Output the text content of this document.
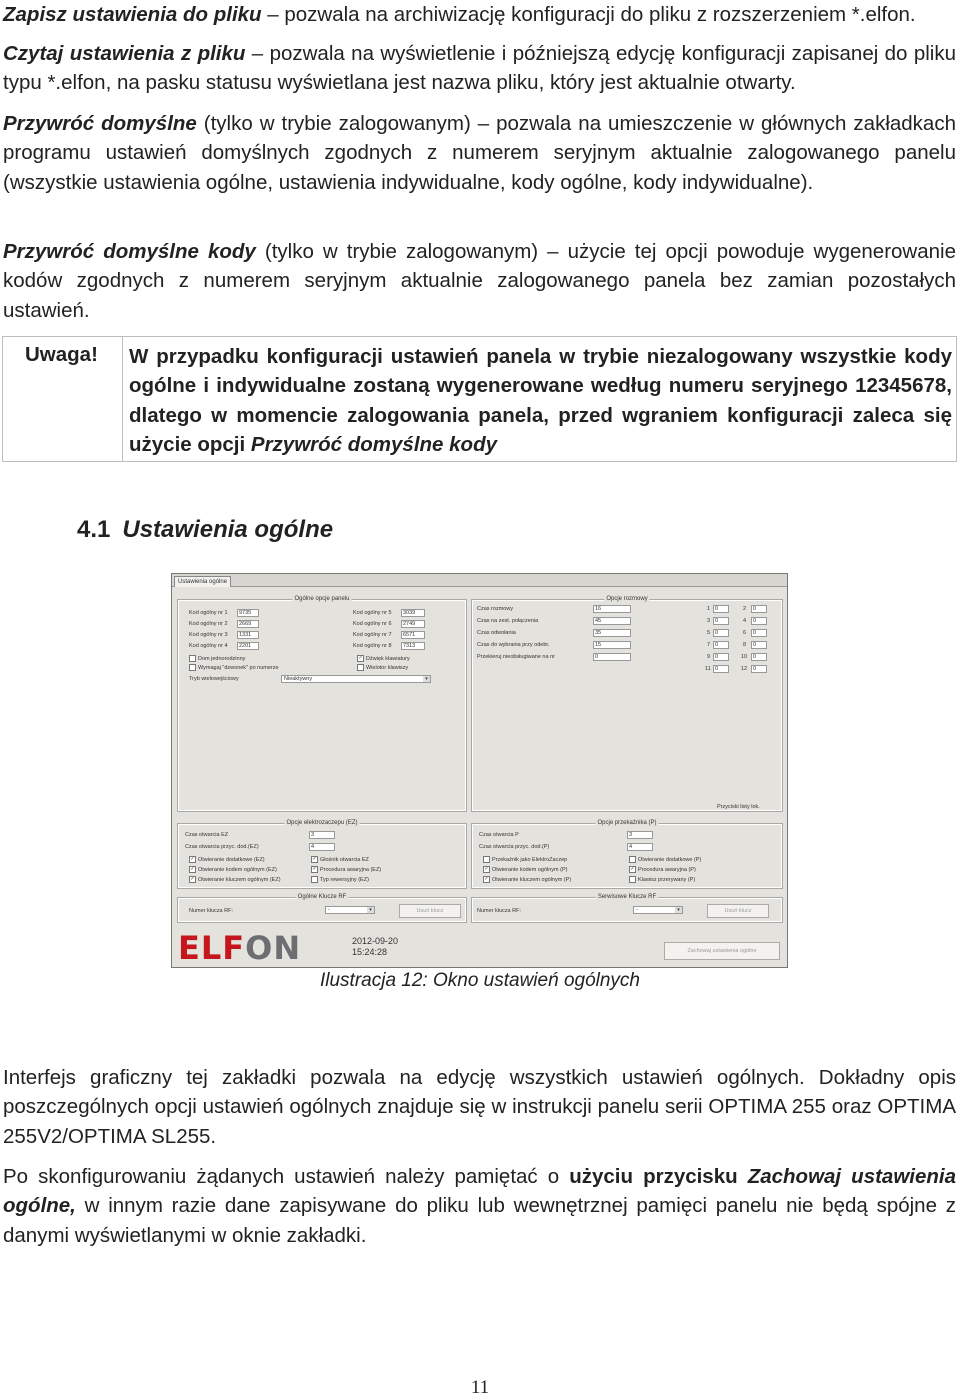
Zapisz ustawienia do pliku – pozwala na archiwizację konfiguracji do pliku z rozszerzeniem *.elfon.
Czytaj ustawienia z pliku – pozwala na wyświetlenie i późniejszą edycję konfiguracji zapisanej do pliku typu *.elfon, na pasku statusu wyświetlana jest nazwa pliku, który jest aktualnie otwarty.
Przywróć domyślne (tylko w trybie zalogowanym) – pozwala na umieszczenie w głównych zakładkach programu ustawień domyślnych zgodnych z numerem seryjnym aktualnie zalogowanego panelu (wszystkie ustawienia ogólne, ustawienia indywidualne, kody ogólne, kody indywidualne).
Przywróć domyślne kody (tylko w trybie zalogowanym) – użycie tej opcji powoduje wygenerowanie kodów zgodnych z numerem seryjnym aktualnie zalogowanego panela bez zamian pozostałych ustawień.
Uwaga!	W przypadku konfiguracji ustawień panela w trybie niezalogowany wszystkie kody ogólne i indywidualne zostaną wygenerowane według numeru seryjnego 12345678, dlatego w momencie zalogowania panela, przed wgraniem konfiguracji zaleca się użycie opcji Przywróć domyślne kody
4.1 Ustawienia ogólne
Ustawienia ogólne
Ogólne opcje panelu
Kod ogólny nr 1	9735
Kod ogólny nr 2	2669
Kod ogólny nr 3	1331
Kod ogólny nr 4	2201
Kod ogólny nr 5	3039
Kod ogólny nr 6	2749
Kod ogólny nr 7	6571
Kod ogólny nr 8	7313
Dom jednorodzinny
Wymagaj "dzwonek" po numerze
✓ Dźwięk klawiatury
Wielotor klawiszy
Tryb wielowejściowy	Nieaktywny ▾
Opcje rozmowy
Czas rozmowy	16
Czas na zest. połączenia	45
Czas odwołania	35
Czas do wybrania przy odebr.	15
Przekieruj nieobsługiwane na nr	0
1 0	2	0
3 0	4	0
5 0	6	0
7 0	8	0
9 0	10	0
11 0	12	0
Przyciski listy lok.
Opcje elektrozaczepu (EZ)
Czas otwarcia EZ	3
Czas otwarcia przyc. dod.(EZ)	4
✓ Otwieranie dodatkowe (EZ)
✓ Otwieranie kodem ogólnym (EZ)
✓ Otwieranie kluczem ogólnym (EZ)
✓ Głośnik otwarcia EZ
✓ Procedura awaryjna (EZ)
Typ rewersyjny (EZ)
Opcje przekaźnika (P)
Czas otwarcia P	3
Czas otwarcia przyc. dod.(P)	4
Przekaźnik jako ElektroZaczep
✓ Otwieranie kodem ogólnym (P)
✓ Otwieranie kluczem ogólnym (P)
Otwieranie dodatkowe (P)
✓ Procedura awaryjna (P)
Klawisz przerywany (P)
Ogólne Klucze RF
Numer klucza RF:	- ▾	Usuń klucz
Serwisowe Klucze RF
Numer klucza RF:	- ▾	Usuń klucz
ELFON	2012-09-20
15:24:28	Zachowaj ustawienia ogólne
Ilustracja 12: Okno ustawień ogólnych
Interfejs graficzny tej zakładki pozwala na edycję wszystkich ustawień ogólnych. Dokładny opis poszczególnych opcji ustawień ogólnych znajduje się w instrukcji panelu serii OPTIMA 255 oraz OPTIMA 255V2/OPTIMA SL255.
Po skonfigurowaniu żądanych ustawień należy pamiętać o użyciu przycisku Zachowaj ustawienia ogólne, w innym razie dane zapisywane do pliku lub wewnętrznej pamięci panelu nie będą spójne z danymi wyświetlanymi w oknie zakładki.
11
